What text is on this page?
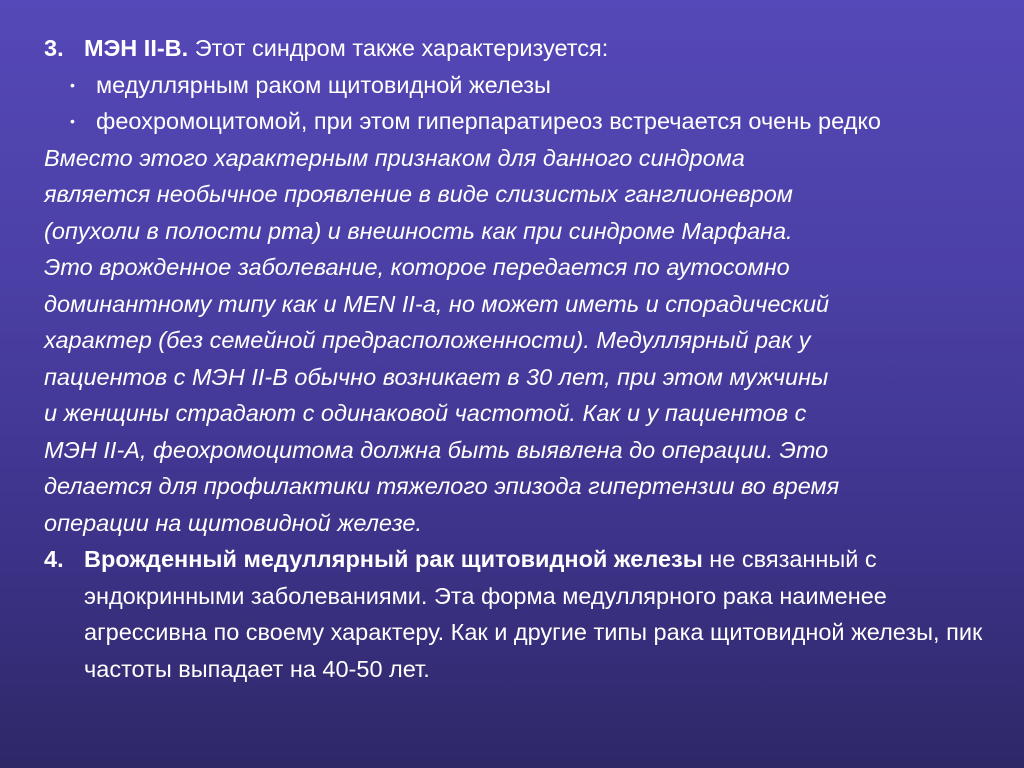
3. МЭН II-B. Этот синдром также характеризуется:
• медуллярным раком щитовидной железы
• феохромоцитомой, при этом гиперпаратиреоз встречается очень редко
Вместо этого характерным признаком для данного синдрома
является необычное проявление в виде слизистых ганглионевром
(опухоли в полости рта) и внешность как при синдроме Марфана.
Это врожденное заболевание, которое передается по аутосомно
доминантному типу как и MEN II-a, но может иметь и спорадический
характер (без семейной предрасположенности). Медуллярный рак у
пациентов с МЭН II-B обычно возникает в 30 лет, при этом мужчины
и женщины страдают с одинаковой частотой. Как и у пациентов с
МЭН II-A, феохромоцитома должна быть выявлена до операции. Это
делается для профилактики тяжелого эпизода гипертензии во время
операции на щитовидной железе.
4. Врожденный медуллярный рак щитовидной железы не связанный с эндокринными заболеваниями. Эта форма медуллярного рака наименее агрессивна по своему характеру. Как и другие типы рака щитовидной железы, пик частоты выпадает на 40-50 лет.
